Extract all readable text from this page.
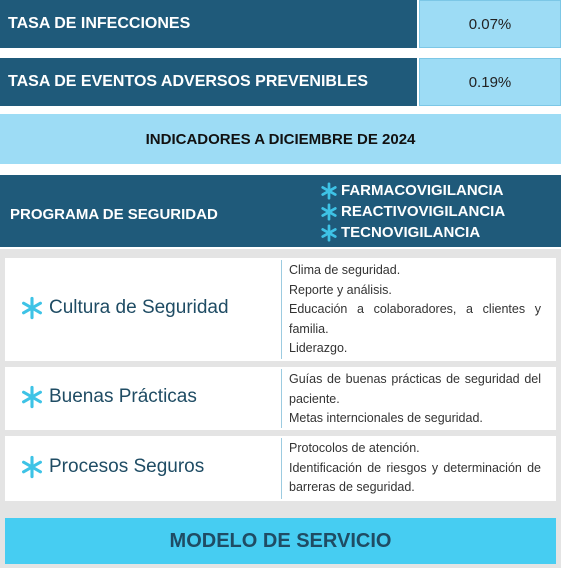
TASA DE INFECCIONES	0.07%
TASA DE EVENTOS ADVERSOS PREVENIBLES	0.19%
INDICADORES A DICIEMBRE DE 2024
PROGRAMA DE SEGURIDAD
FARMACOVIGILANCIA
REACTIVOVIGILANCIA
TECNOVIGILANCIA
Cultura de Seguridad
Clima de seguridad.
Reporte y análisis.
Educación a colaboradores, a clientes y familia.
Liderazgo.
Buenas Prácticas
Guías de buenas prácticas de seguridad del paciente.
Metas interncionales de seguridad.
Procesos Seguros
Protocolos de atención.
Identificación de riesgos y determinación de barreras de seguridad.
MODELO DE SERVICIO
